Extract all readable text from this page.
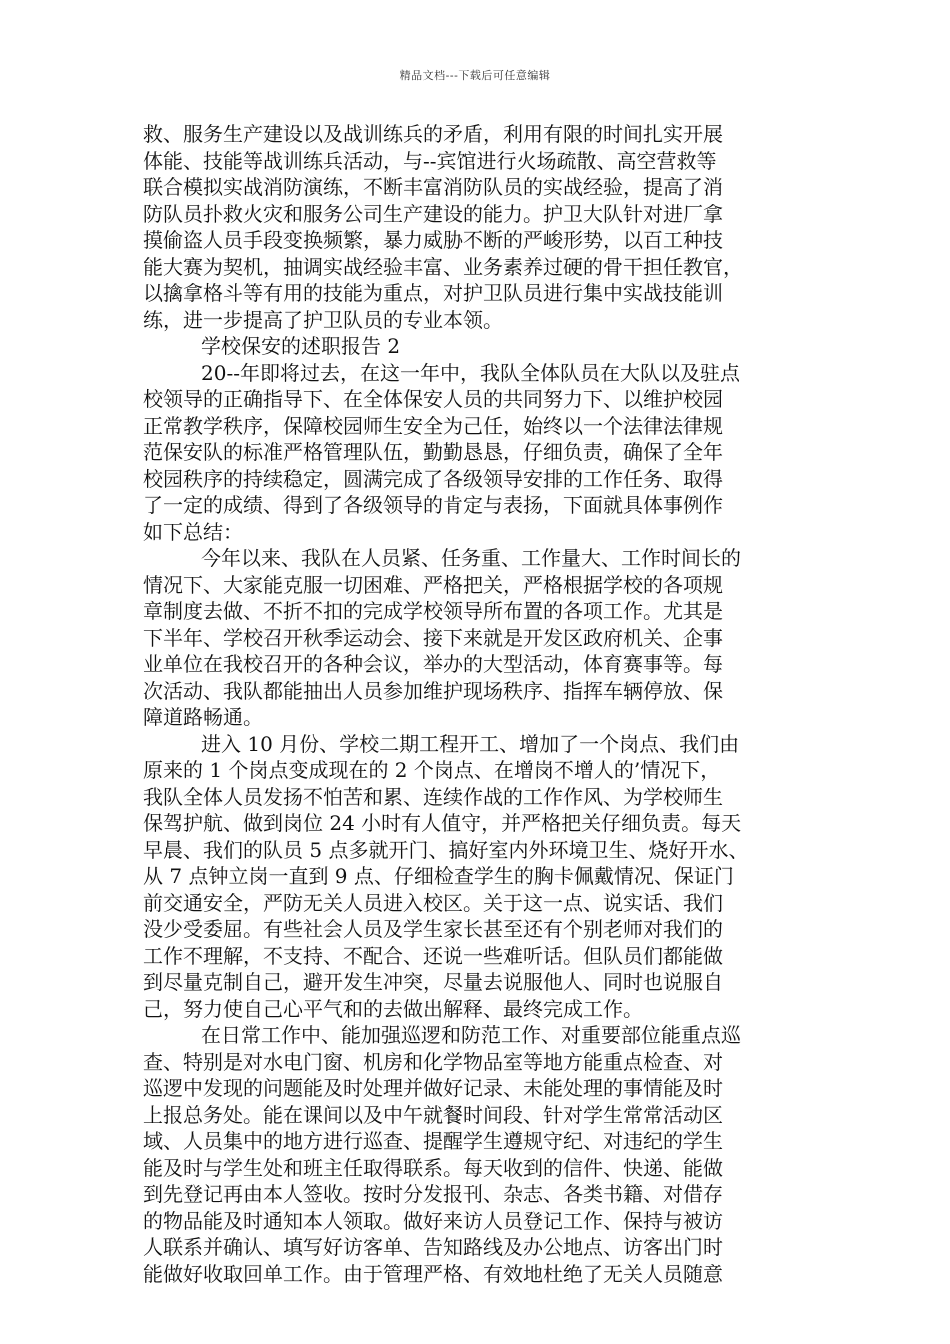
精品文档---下载后可任意编辑
救、服务生产建设以及战训练兵的矛盾，利用有限的时间扎实开展
体能、技能等战训练兵活动，与--宾馆进行火场疏散、高空营救等
联合模拟实战消防演练，不断丰富消防队员的实战经验，提高了消
防队员扑救火灾和服务公司生产建设的能力。护卫大队针对进厂拿
摸偷盗人员手段变换频繁，暴力威胁不断的严峻形势，以百工种技
能大赛为契机，抽调实战经验丰富、业务素养过硬的骨干担任教官，
以擒拿格斗等有用的技能为重点，对护卫队员进行集中实战技能训
练，进一步提高了护卫队员的专业本领。
学校保安的述职报告 2
20--年即将过去，在这一年中，我队全体队员在大队以及驻点
校领导的正确指导下、在全体保安人员的共同努力下、以维护校园
正常教学秩序，保障校园师生安全为己任，始终以一个法律法律规
范保安队的标准严格管理队伍，勤勤恳恳，仔细负责，确保了全年
校园秩序的持续稳定，圆满完成了各级领导安排的工作任务、取得
了一定的成绩、得到了各级领导的肯定与表扬，下面就具体事例作
如下总结：
今年以来、我队在人员紧、任务重、工作量大、工作时间长的
情况下、大家能克服一切困难、严格把关，严格根据学校的各项规
章制度去做、不折不扣的完成学校领导所布置的各项工作。尤其是
下半年、学校召开秋季运动会、接下来就是开发区政府机关、企事
业单位在我校召开的各种会议，举办的大型活动，体育赛事等。每
次活动、我队都能抽出人员参加维护现场秩序、指挥车辆停放、保
障道路畅通。
进入 10 月份、学校二期工程开工、增加了一个岗点、我们由
原来的 1 个岗点变成现在的 2 个岗点、在增岗不增人的’情况下，
我队全体人员发扬不怕苦和累、连续作战的工作作风、为学校师生
保驾护航、做到岗位 24 小时有人值守，并严格把关仔细负责。每天
早晨、我们的队员 5 点多就开门、搞好室内外环境卫生、烧好开水、
从 7 点钟立岗一直到 9 点、仔细检查学生的胸卡佩戴情况、保证门
前交通安全，严防无关人员进入校区。关于这一点、说实话、我们
没少受委屈。有些社会人员及学生家长甚至还有个别老师对我们的
工作不理解，不支持、不配合、还说一些难听话。但队员们都能做
到尽量克制自己，避开发生冲突，尽量去说服他人、同时也说服自
己，努力使自己心平气和的去做出解释、最终完成工作。
在日常工作中、能加强巡逻和防范工作、对重要部位能重点巡
查、特别是对水电门窗、机房和化学物品室等地方能重点检查、对
巡逻中发现的问题能及时处理并做好记录、未能处理的事情能及时
上报总务处。能在课间以及中午就餐时间段、针对学生常常活动区
域、人员集中的地方进行巡查、提醒学生遵规守纪、对违纪的学生
能及时与学生处和班主任取得联系。每天收到的信件、快递、能做
到先登记再由本人签收。按时分发报刊、杂志、各类书籍、对借存
的物品能及时通知本人领取。做好来访人员登记工作、保持与被访
人联系并确认、填写好访客单、告知路线及办公地点、访客出门时
能做好收取回单工作。由于管理严格、有效地杜绝了无关人员随意
